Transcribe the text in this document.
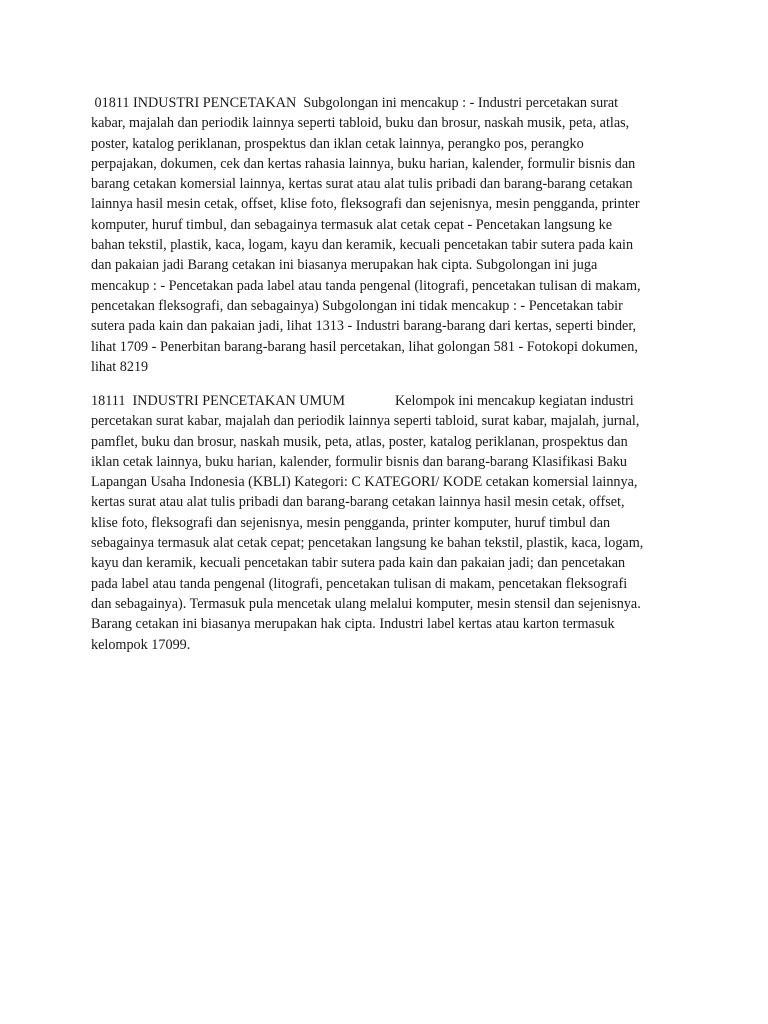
01811 INDUSTRI PENCETAKAN  Subgolongan ini mencakup : - Industri percetakan surat
kabar, majalah dan periodik lainnya seperti tabloid, buku dan brosur, naskah musik, peta, atlas,
poster, katalog periklanan, prospektus dan iklan cetak lainnya, perangko pos, perangko
perpajakan, dokumen, cek dan kertas rahasia lainnya, buku harian, kalender, formulir bisnis dan
barang cetakan komersial lainnya, kertas surat atau alat tulis pribadi dan barang-barang cetakan
lainnya hasil mesin cetak, offset, klise foto, fleksografi dan sejenisnya, mesin pengganda, printer
komputer, huruf timbul, dan sebagainya termasuk alat cetak cepat - Pencetakan langsung ke
bahan tekstil, plastik, kaca, logam, kayu dan keramik, kecuali pencetakan tabir sutera pada kain
dan pakaian jadi Barang cetakan ini biasanya merupakan hak cipta. Subgolongan ini juga
mencakup : - Pencetakan pada label atau tanda pengenal (litografi, pencetakan tulisan di makam,
pencetakan fleksografi, dan sebagainya) Subgolongan ini tidak mencakup : - Pencetakan tabir
sutera pada kain dan pakaian jadi, lihat 1313 - Industri barang-barang dari kertas, seperti binder,
lihat 1709 - Penerbitan barang-barang hasil percetakan, lihat golongan 581 - Fotokopi dokumen,
lihat 8219

18111  INDUSTRI PENCETAKAN UMUM	Kelompok ini mencakup kegiatan industri
percetakan surat kabar, majalah dan periodik lainnya seperti tabloid, surat kabar, majalah, jurnal,
pamflet, buku dan brosur, naskah musik, peta, atlas, poster, katalog periklanan, prospektus dan
iklan cetak lainnya, buku harian, kalender, formulir bisnis dan barang-barang Klasifikasi Baku
Lapangan Usaha Indonesia (KBLI) Kategori: C KATEGORI/ KODE cetakan komersial lainnya,
kertas surat atau alat tulis pribadi dan barang-barang cetakan lainnya hasil mesin cetak, offset,
klise foto, fleksografi dan sejenisnya, mesin pengganda, printer komputer, huruf timbul dan
sebagainya termasuk alat cetak cepat; pencetakan langsung ke bahan tekstil, plastik, kaca, logam,
kayu dan keramik, kecuali pencetakan tabir sutera pada kain dan pakaian jadi; dan pencetakan
pada label atau tanda pengenal (litografi, pencetakan tulisan di makam, pencetakan fleksografi
dan sebagainya). Termasuk pula mencetak ulang melalui komputer, mesin stensil dan sejenisnya.
Barang cetakan ini biasanya merupakan hak cipta. Industri label kertas atau karton termasuk
kelompok 17099.
